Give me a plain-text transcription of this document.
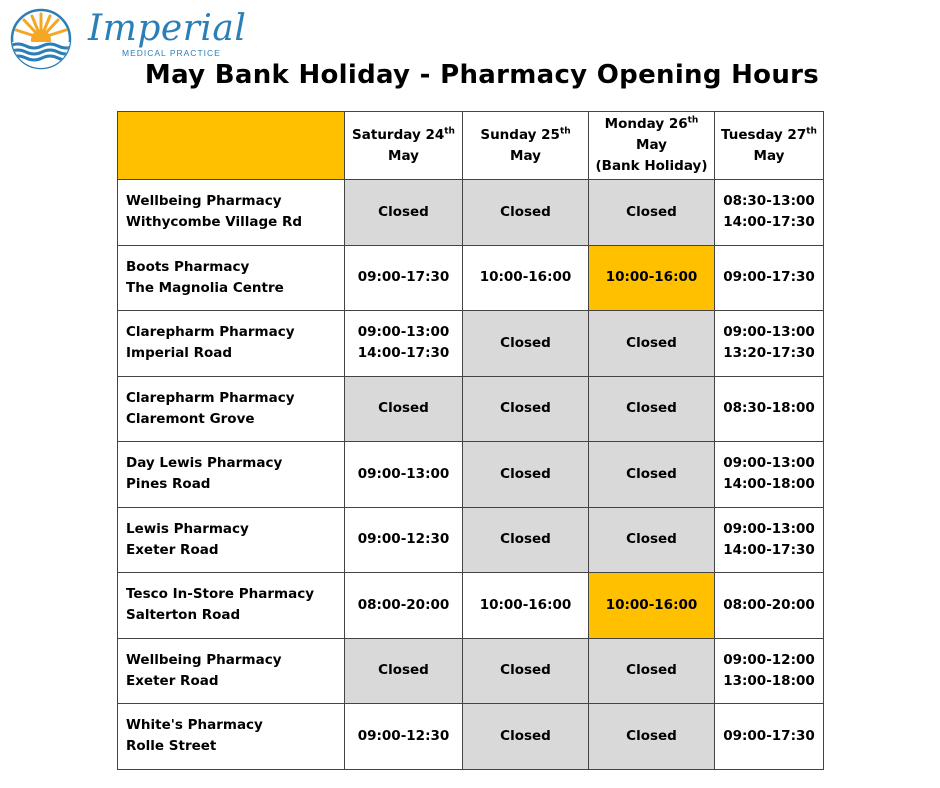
Imperial
MEDICAL PRACTICE
May Bank Holiday - Pharmacy Opening Hours

	Saturday 24th
May	Sunday 25th
May	Monday 26th
May
(Bank Holiday)	Tuesday 27th
May

Wellbeing Pharmacy
Withycombe Village Rd	Closed	Closed	Closed	08:30-13:00
14:00-17:30

Boots Pharmacy
The Magnolia Centre	09:00-17:30	10:00-16:00	10:00-16:00	09:00-17:30

Clarepharm Pharmacy
Imperial Road	09:00-13:00
14:00-17:30	Closed	Closed	09:00-13:00
13:20-17:30

Clarepharm Pharmacy
Claremont Grove	Closed	Closed	Closed	08:30-18:00

Day Lewis Pharmacy
Pines Road	09:00-13:00	Closed	Closed	09:00-13:00
14:00-18:00

Lewis Pharmacy
Exeter Road	09:00-12:30	Closed	Closed	09:00-13:00
14:00-17:30

Tesco In-Store Pharmacy
Salterton Road	08:00-20:00	10:00-16:00	10:00-16:00	08:00-20:00

Wellbeing Pharmacy
Exeter Road	Closed	Closed	Closed	09:00-12:00
13:00-18:00

White's Pharmacy
Rolle Street	09:00-12:30	Closed	Closed	09:00-17:30
